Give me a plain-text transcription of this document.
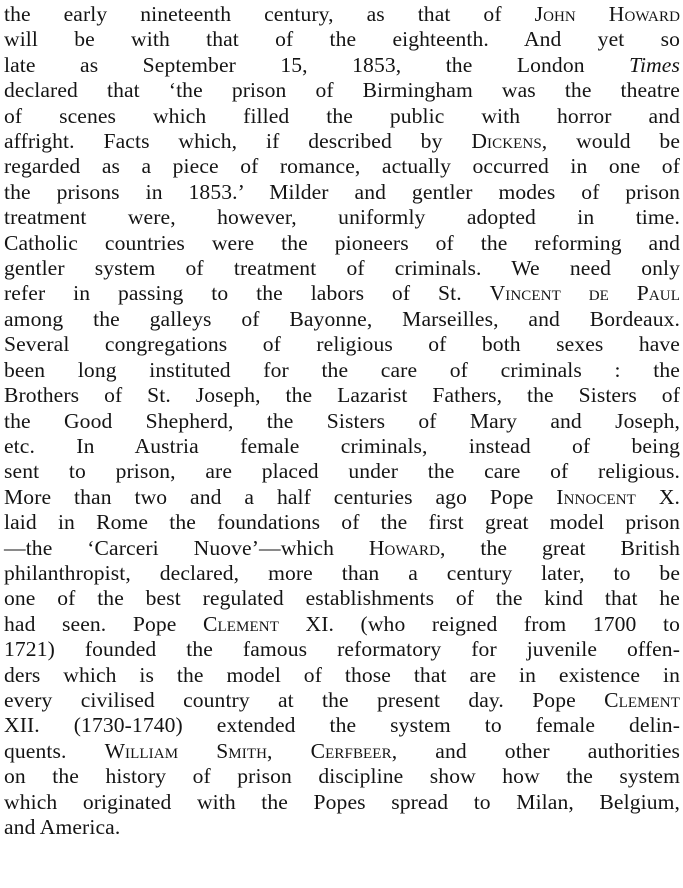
the early nineteenth century, as that of John Howard
will be with that of the eighteenth. And yet so
late as September 15, 1853, the London Times
declared that ‘the prison of Birmingham was the theatre
of scenes which filled the public with horror and
affright. Facts which, if described by Dickens, would be
regarded as a piece of romance, actually occurred in one of
the prisons in 1853.’ Milder and gentler modes of prison
treatment were, however, uniformly adopted in time.
Catholic countries were the pioneers of the reforming and
gentler system of treatment of criminals. We need only
refer in passing to the labors of St. Vincent de Paul
among the galleys of Bayonne, Marseilles, and Bordeaux.
Several congregations of religious of both sexes have
been long instituted for the care of criminals : the
Brothers of St. Joseph, the Lazarist Fathers, the Sisters of
the Good Shepherd, the Sisters of Mary and Joseph,
etc. In Austria female criminals, instead of being
sent to prison, are placed under the care of religious.
More than two and a half centuries ago Pope Innocent X.
laid in Rome the foundations of the first great model prison
—the ‘Carceri Nuove’—which Howard, the great British
philanthropist, declared, more than a century later, to be
one of the best regulated establishments of the kind that he
had seen. Pope Clement XI. (who reigned from 1700 to
1721) founded the famous reformatory for juvenile offen-
ders which is the model of those that are in existence in
every civilised country at the present day. Pope Clement
XII. (1730-1740) extended the system to female delin-
quents. William Smith, Cerfbeer, and other authorities
on the history of prison discipline show how the system
which originated with the Popes spread to Milan, Belgium,
and America.
